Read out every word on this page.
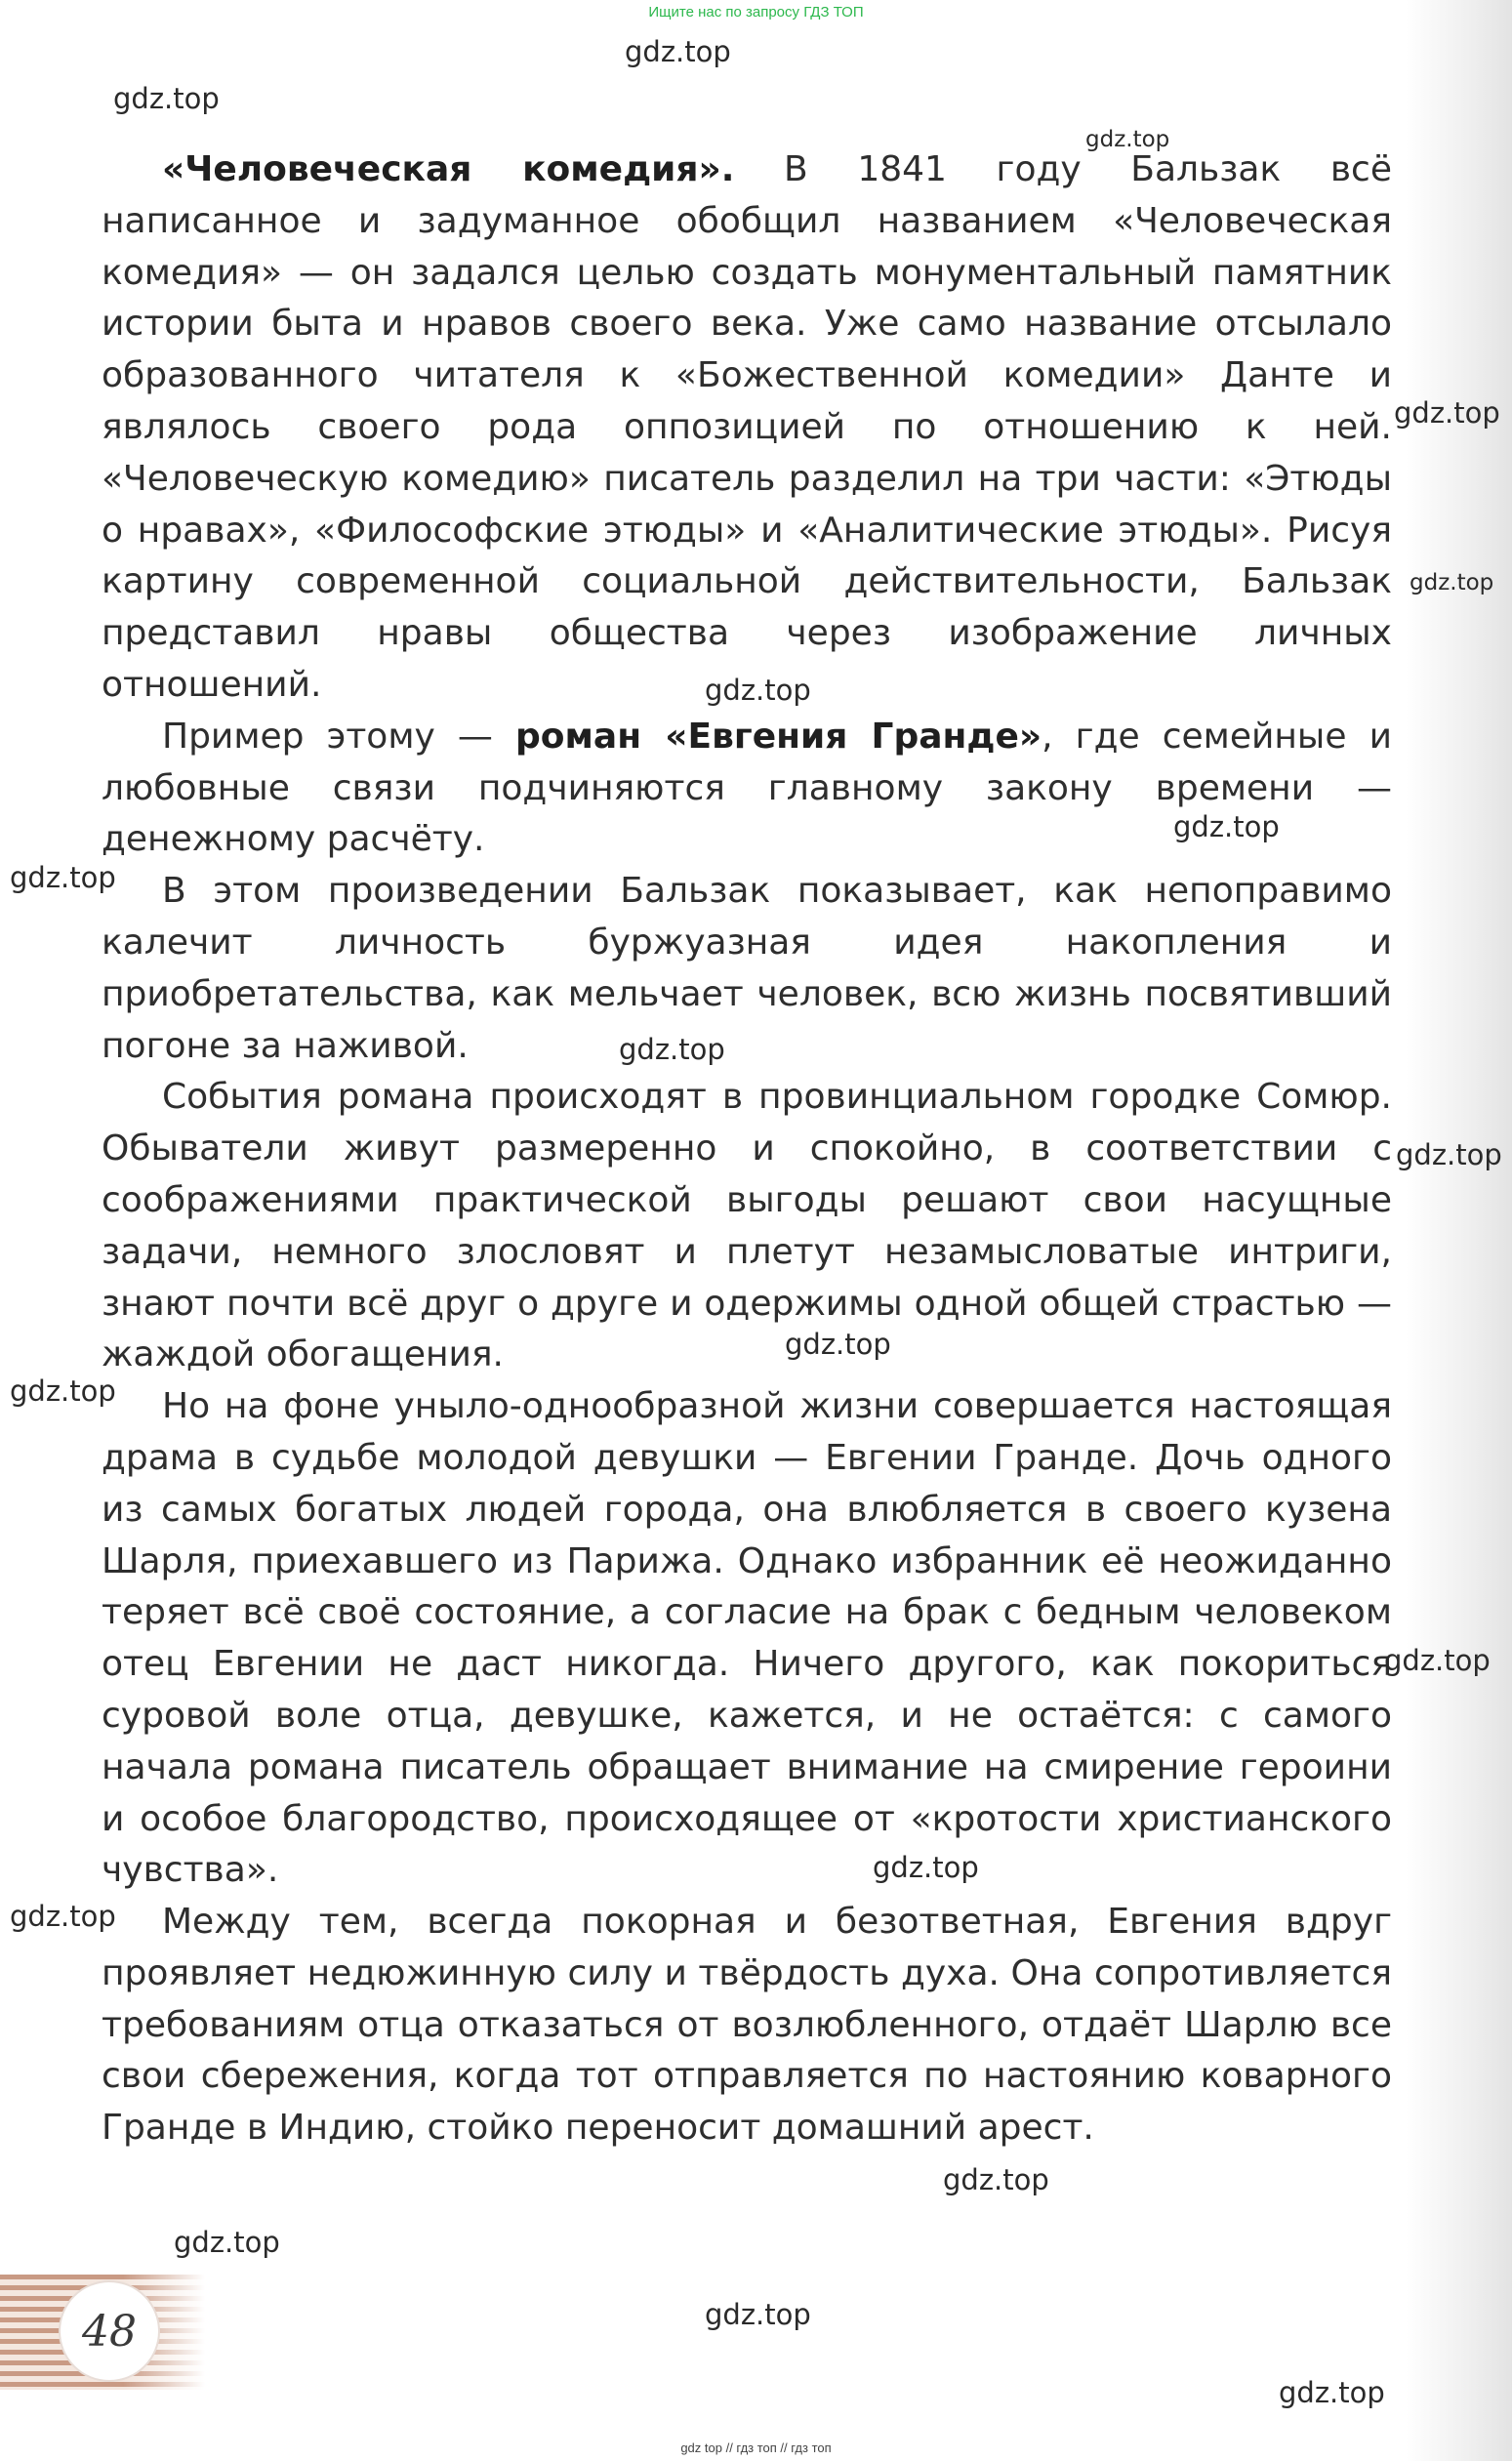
Ищите нас по запросу ГДЗ ТОП

«Человеческая комедия». В 1841 году Бальзак всё написанное и задуманное обобщил названием «Человеческая комедия» — он задался целью создать монументальный памятник истории быта и нравов своего века. Уже само название отсылало образованного читателя к «Божественной комедии» Данте и являлось своего рода оппозицией по отношению к ней. «Человеческую комедию» писатель разделил на три части: «Этюды о нравах», «Философские этюды» и «Аналитические этюды». Рисуя картину современной социальной действительности, Бальзак представил нравы общества через изображение личных отношений.

Пример этому — роман «Евгения Гранде», где семейные и любовные связи подчиняются главному закону времени — денежному расчёту.

В этом произведении Бальзак показывает, как непоправимо калечит личность буржуазная идея накопления и приобретательства, как мельчает человек, всю жизнь посвятивший погоне за наживой.

События романа происходят в провинциальном городке Сомюр. Обыватели живут размеренно и спокойно, в соответствии с соображениями практической выгоды решают свои насущные задачи, немного злословят и плетут незамысловатые интриги, знают почти всё друг о друге и одержимы одной общей страстью — жаждой обогащения.

Но на фоне уныло-однообразной жизни совершается настоящая драма в судьбе молодой девушки — Евгении Гранде. Дочь одного из самых богатых людей города, она влюбляется в своего кузена Шарля, приехавшего из Парижа. Однако избранник её неожиданно теряет всё своё состояние, а согласие на брак с бедным человеком отец Евгении не даст никогда. Ничего другого, как покориться суровой воле отца, девушке, кажется, и не остаётся: с самого начала романа писатель обращает внимание на смирение героини и особое благородство, происходящее от «кротости христианского чувства».

Между тем, всегда покорная и безответная, Евгения вдруг проявляет недюжинную силу и твёрдость духа. Она сопротивляется требованиям отца отказаться от возлюбленного, отдаёт Шарлю все свои сбережения, когда тот отправляется по настоянию коварного Гранде в Индию, стойко переносит домашний арест.

gdz.top
gdz.top
gdz.top
gdz.top
gdz.top
gdz.top
gdz.top
gdz.top
gdz.top
gdz.top
gdz.top
gdz.top
gdz.top
gdz.top
gdz.top
gdz.top
gdz.top
gdz.top
gdz.top
48
gdz top // гдз топ // гдз топ
